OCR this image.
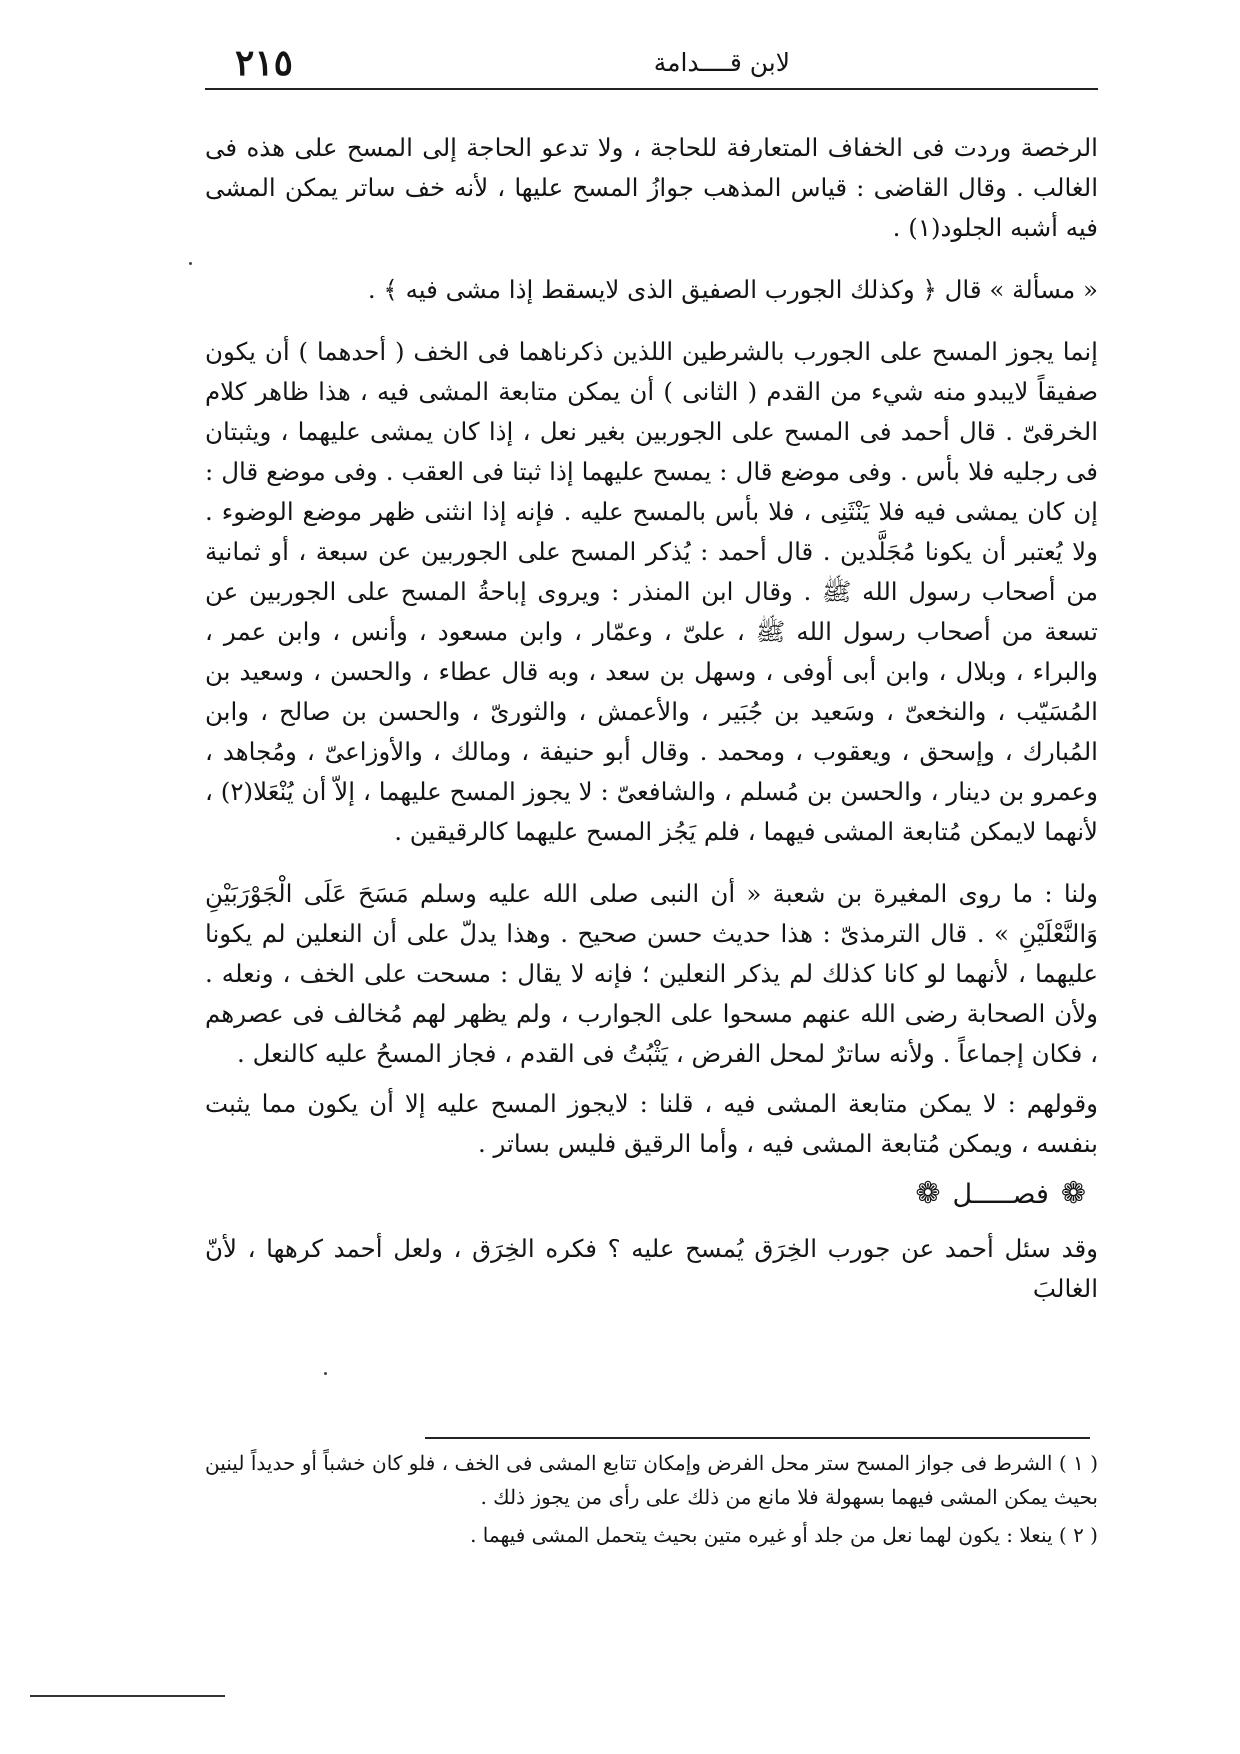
لابن قــــدامة
٢١٥

الرخصة وردت فى الخفاف المتعارفة للحاجة ، ولا تدعو الحاجة إلى المسح على هذه فى الغالب . وقال القاضى : قياس المذهب جوازُ المسح عليها ، لأنه خف ساتر يمكن المشى فيه أشبه الجلود(١) .

« مسألة » قال ﴿ وكذلك الجورب الصفيق الذى لايسقط إذا مشى فيه ﴾ .

إنما يجوز المسح على الجورب بالشرطين اللذين ذكرناهما فى الخف ( أحدهما ) أن يكون صفيقاً لايبدو منه شيء من القدم ( الثانى ) أن يمكن متابعة المشى فيه ، هذا ظاهر كلام الخرقىّ . قال أحمد فى المسح على الجوربين بغير نعل ، إذا كان يمشى عليهما ، ويثبتان فى رجليه فلا بأس . وفى موضع قال : يمسح عليهما إذا ثبتا فى العقب . وفى موضع قال : إن كان يمشى فيه فلا يَنْثَنِى ، فلا بأس بالمسح عليه . فإنه إذا انثنى ظهر موضع الوضوء . ولا يُعتبر أن يكونا مُجَلَّدين . قال أحمد : يُذكر المسح على الجوربين عن سبعة ، أو ثمانية من أصحاب رسول الله ﷺ . وقال ابن المنذر : ويروى إباحةُ المسح على الجوربين عن تسعة من أصحاب رسول الله ﷺ ، علىّ ، وعمّار ، وابن مسعود ، وأنس ، وابن عمر ، والبراء ، وبلال ، وابن أبى أوفى ، وسهل بن سعد ، وبه قال عطاء ، والحسن ، وسعيد بن المُسَيّب ، والنخعىّ ، وسَعيد بن جُبَير ، والأعمش ، والثورىّ ، والحسن بن صالح ، وابن المُبارك ، وإسحق ، ويعقوب ، ومحمد . وقال أبو حنيفة ، ومالك ، والأوزاعىّ ، ومُجاهد ، وعمرو بن دينار ، والحسن بن مُسلم ، والشافعىّ : لا يجوز المسح عليهما ، إلاّ أن يُنْعَلا(٢) ، لأنهما لايمكن مُتابعة المشى فيهما ، فلم يَجُز المسح عليهما كالرقيقين .

ولنا : ما روى المغيرة بن شعبة « أن النبى صلى الله عليه وسلم مَسَحَ عَلَى الْجَوْرَبَيْنِ وَالنَّعْلَيْنِ » . قال الترمذىّ : هذا حديث حسن صحيح . وهذا يدلّ على أن النعلين لم يكونا عليهما ، لأنهما لو كانا كذلك لم يذكر النعلين ؛ فإنه لا يقال : مسحت على الخف ، ونعله . ولأن الصحابة رضى الله عنهم مسحوا على الجوارب ، ولم يظهر لهم مُخالف فى عصرهم ، فكان إجماعاً . ولأنه ساترٌ لمحل الفرض ، يَثْبُتُ فى القدم ، فجاز المسحُ عليه كالنعل .

وقولهم : لا يمكن متابعة المشى فيه ، قلنا : لايجوز المسح عليه إلا أن يكون مما يثبت بنفسه ، ويمكن مُتابعة المشى فيه ، وأما الرقيق فليس بساتر .

❁فصـــــل❁

وقد سئل أحمد عن جورب الخِرَق يُمسح عليه ؟ فكره الخِرَق ، ولعل أحمد كرهها ، لأنّ الغالبَ

( ١ ) الشرط فى جواز المسح ستر محل الفرض وإمكان تتابع المشى فى الخف ، فلو كان خشباً أو حديداً لينين بحيث يمكن المشى فيهما بسهولة فلا مانع من ذلك على رأى من يجوز ذلك .

( ٢ ) ينعلا : يكون لهما نعل من جلد أو غيره متين بحيث يتحمل المشى فيهما .
